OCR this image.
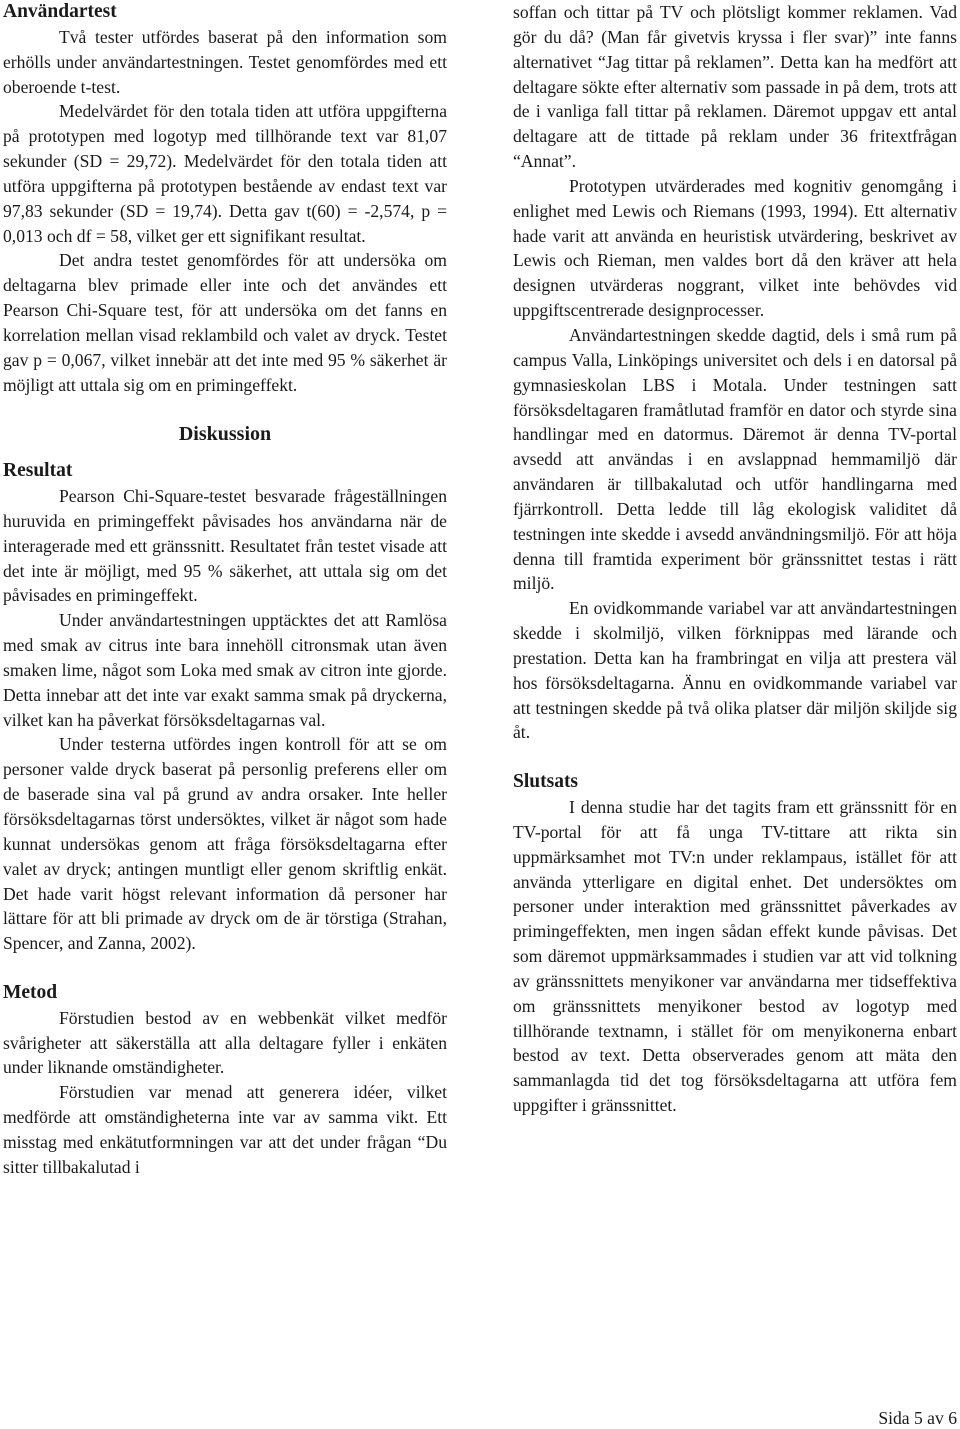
Användartest

Två tester utfördes baserat på den information som erhölls under användartestningen. Testet genomfördes med ett oberoende t-test.

Medelvärdet för den totala tiden att utföra uppgifterna på prototypen med logotyp med tillhörande text var 81,07 sekunder (SD = 29,72). Medelvärdet för den totala tiden att utföra uppgifterna på prototypen bestående av endast text var 97,83 sekunder (SD = 19,74). Detta gav t(60) = -2,574, p = 0,013 och df = 58, vilket ger ett signifikant resultat.

Det andra testet genomfördes för att undersöka om deltagarna blev primade eller inte och det användes ett Pearson Chi-Square test, för att undersöka om det fanns en korrelation mellan visad reklambild och valet av dryck. Testet gav p = 0,067, vilket innebär att det inte med 95 % säkerhet är möjligt att uttala sig om en primingeffekt.

Diskussion
Resultat

Pearson Chi-Square-testet besvarade frågeställningen huruvida en primingeffekt påvisades hos användarna när de interagerade med ett gränssnitt. Resultatet från testet visade att det inte är möjligt, med 95 % säkerhet, att uttala sig om det påvisades en primingeffekt.

Under användartestningen upptäcktes det att Ramlösa med smak av citrus inte bara innehöll citronsmak utan även smaken lime, något som Loka med smak av citron inte gjorde. Detta innebar att det inte var exakt samma smak på dryckerna, vilket kan ha påverkat försöksdeltagarnas val.

Under testerna utfördes ingen kontroll för att se om personer valde dryck baserat på personlig preferens eller om de baserade sina val på grund av andra orsaker. Inte heller försöksdeltagarnas törst undersöktes, vilket är något som hade kunnat undersökas genom att fråga försöksdeltagarna efter valet av dryck; antingen muntligt eller genom skriftlig enkät. Det hade varit högst relevant information då personer har lättare för att bli primade av dryck om de är törstiga (Strahan, Spencer, and Zanna, 2002).

Metod

Förstudien bestod av en webbenkät vilket medför svårigheter att säkerställa att alla deltagare fyller i enkäten under liknande omständigheter.

Förstudien var menad att generera idéer, vilket medförde att omständigheterna inte var av samma vikt. Ett misstag med enkätutformningen var att det under frågan “Du sitter tillbakalutad i

soffan och tittar på TV och plötsligt kommer reklamen. Vad gör du då? (Man får givetvis kryssa i fler svar)” inte fanns alternativet “Jag tittar på reklamen”. Detta kan ha medfört att deltagare sökte efter alternativ som passade in på dem, trots att de i vanliga fall tittar på reklamen. Däremot uppgav ett antal deltagare att de tittade på reklam under 36 fritextfrågan “Annat”.

Prototypen utvärderades med kognitiv genomgång i enlighet med Lewis och Riemans (1993, 1994). Ett alternativ hade varit att använda en heuristisk utvärdering, beskrivet av Lewis och Rieman, men valdes bort då den kräver att hela designen utvärderas noggrant, vilket inte behövdes vid uppgiftscentrerade designprocesser.

Användartestningen skedde dagtid, dels i små rum på campus Valla, Linköpings universitet och dels i en datorsal på gymnasieskolan LBS i Motala. Under testningen satt försöksdeltagaren framåtlutad framför en dator och styrde sina handlingar med en datormus. Däremot är denna TV-portal avsedd att användas i en avslappnad hemmamiljö där användaren är tillbakalutad och utför handlingarna med fjärrkontroll. Detta ledde till låg ekologisk validitet då testningen inte skedde i avsedd användningsmiljö. För att höja denna till framtida experiment bör gränssnittet testas i rätt miljö.

En ovidkommande variabel var att användartestningen skedde i skolmiljö, vilken förknippas med lärande och prestation. Detta kan ha frambringat en vilja att prestera väl hos försöksdeltagarna. Ännu en ovidkommande variabel var att testningen skedde på två olika platser där miljön skiljde sig åt.

Slutsats

I denna studie har det tagits fram ett gränssnitt för en TV-portal för att få unga TV-tittare att rikta sin uppmärksamhet mot TV:n under reklampaus, istället för att använda ytterligare en digital enhet. Det undersöktes om personer under interaktion med gränssnittet påverkades av primingeffekten, men ingen sådan effekt kunde påvisas. Det som däremot uppmärksammades i studien var att vid tolkning av gränssnittets menyikoner var användarna mer tidseffektiva om gränssnittets menyikoner bestod av logotyp med tillhörande textnamn, i stället för om menyikonerna enbart bestod av text. Detta observerades genom att mäta den sammanlagda tid det tog försöksdeltagarna att utföra fem uppgifter i gränssnittet.

Sida 5 av 6
